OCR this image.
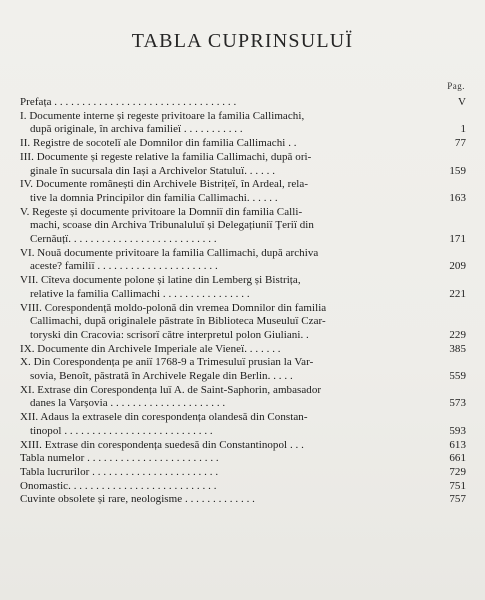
TABLA CUPRINSULUÏ
Pag.
Prefața . . . . . . . . . . . . . . . . . . . . . . . . . . . . . . . . .	V
I. Documente interne și regeste privitoare la familia Callimachi,
după originale, în archiva familieï . . . . . . . . . . .	1
II. Registre de socotelï ale Domnilor din familia Callimachi . .	77
III. Documente și regeste relative la familia Callimachi, după ori-
ginale în sucursala din Iași a Archivelor Statuluï. . . . . .	159
IV. Documente românești din Archivele Bistrițeï, în Ardeal, rela-
tive la domnia Principilor din familia Callimachi. . . . . .	163
V. Regeste și documente privitoare la Domniï din familia Calli-
machi, scoase din Archiva Tribunaluluï și Delegațiuniï Țeriï din
Cernăuțï. . . . . . . . . . . . . . . . . . . . . . . . . . .	171
VI. Nouă documente privitoare la familia Callimachi, după archiva
aceste? familiï . . . . . . . . . . . . . . . . . . . . . .	209
VII. Cîteva documente polone și latine din Lemberg și Bistrița,
relative la familia Callimachi . . . . . . . . . . . . . . . .	221
VIII. Corespondență moldo-polonă din vremea Domnilor din familia
Callimachi, după originalele păstrate în Biblioteca Museuluï Czar-
toryski din Cracovia: scrisorï către interpretul polon Giuliani. .	229
IX. Documente din Archivele Imperiale ale Vieneï. . . . . . .	385
X. Din Corespondența pe aniï 1768-9 a Trimesuluï prusian la Var-
sovia, Benoît, păstrată în Archivele Regale din Berlin. . . . .	559
XI. Extrase din Corespondența luï A. de Saint-Saphorin, ambasador
danes la Varșovia . . . . . . . . . . . . . . . . . . . . .	573
XII. Adaus la extrasele din corespondența olandesă din Constan-
tinopol . . . . . . . . . . . . . . . . . . . . . . . . . . .	593
XIII. Extrase din corespondența suedesă din Constantinopol . . .	613
Tabla numelor . . . . . . . . . . . . . . . . . . . . . . . .	661
Tabla lucrurilor . . . . . . . . . . . . . . . . . . . . . . .	729
Onomastic. . . . . . . . . . . . . . . . . . . . . . . . . . .	751
Cuvinte obsolete și rare, neologisme . . . . . . . . . . . . .	757
